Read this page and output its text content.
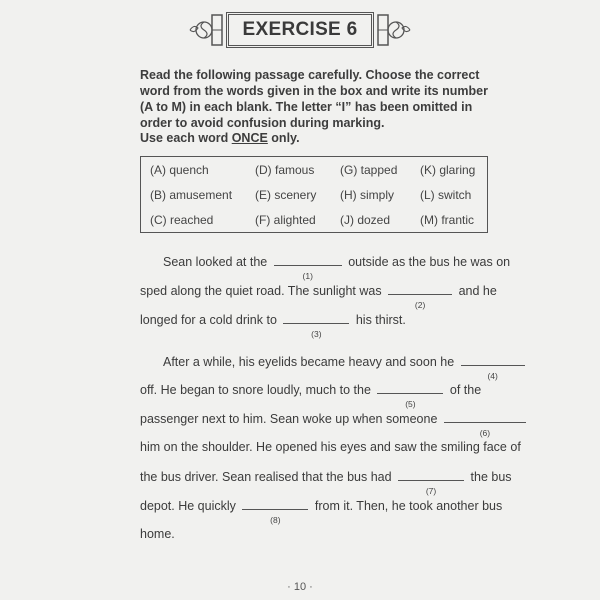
EXERCISE 6
Read the following passage carefully. Choose the correct word from the words given in the box and write its number (A to M) in each blank. The letter “I” has been omitted in order to avoid confusion during marking.
Use each word ONCE only.
(A) quench	(D) famous	(G) tapped	(K) glaring
(B) amusement	(E) scenery	(H) simply	(L) switch
(C) reached	(F) alighted	(J) dozed	(M) frantic
Sean looked at the
(1)
outside as the bus he was on
sped along the quiet road. The sunlight was
(2)
and he
longed for a cold drink to
(3)
his thirst.
After a while, his eyelids became heavy and soon he
(4)
off. He began to snore loudly, much to the
(5)
of the
passenger next to him. Sean woke up when someone
(6)
him on the shoulder. He opened his eyes and saw the smiling face of
the bus driver. Sean realised that the bus had
(7)
the bus
depot. He quickly
(8)
from it. Then, he took another bus
home.
· 10 ·
